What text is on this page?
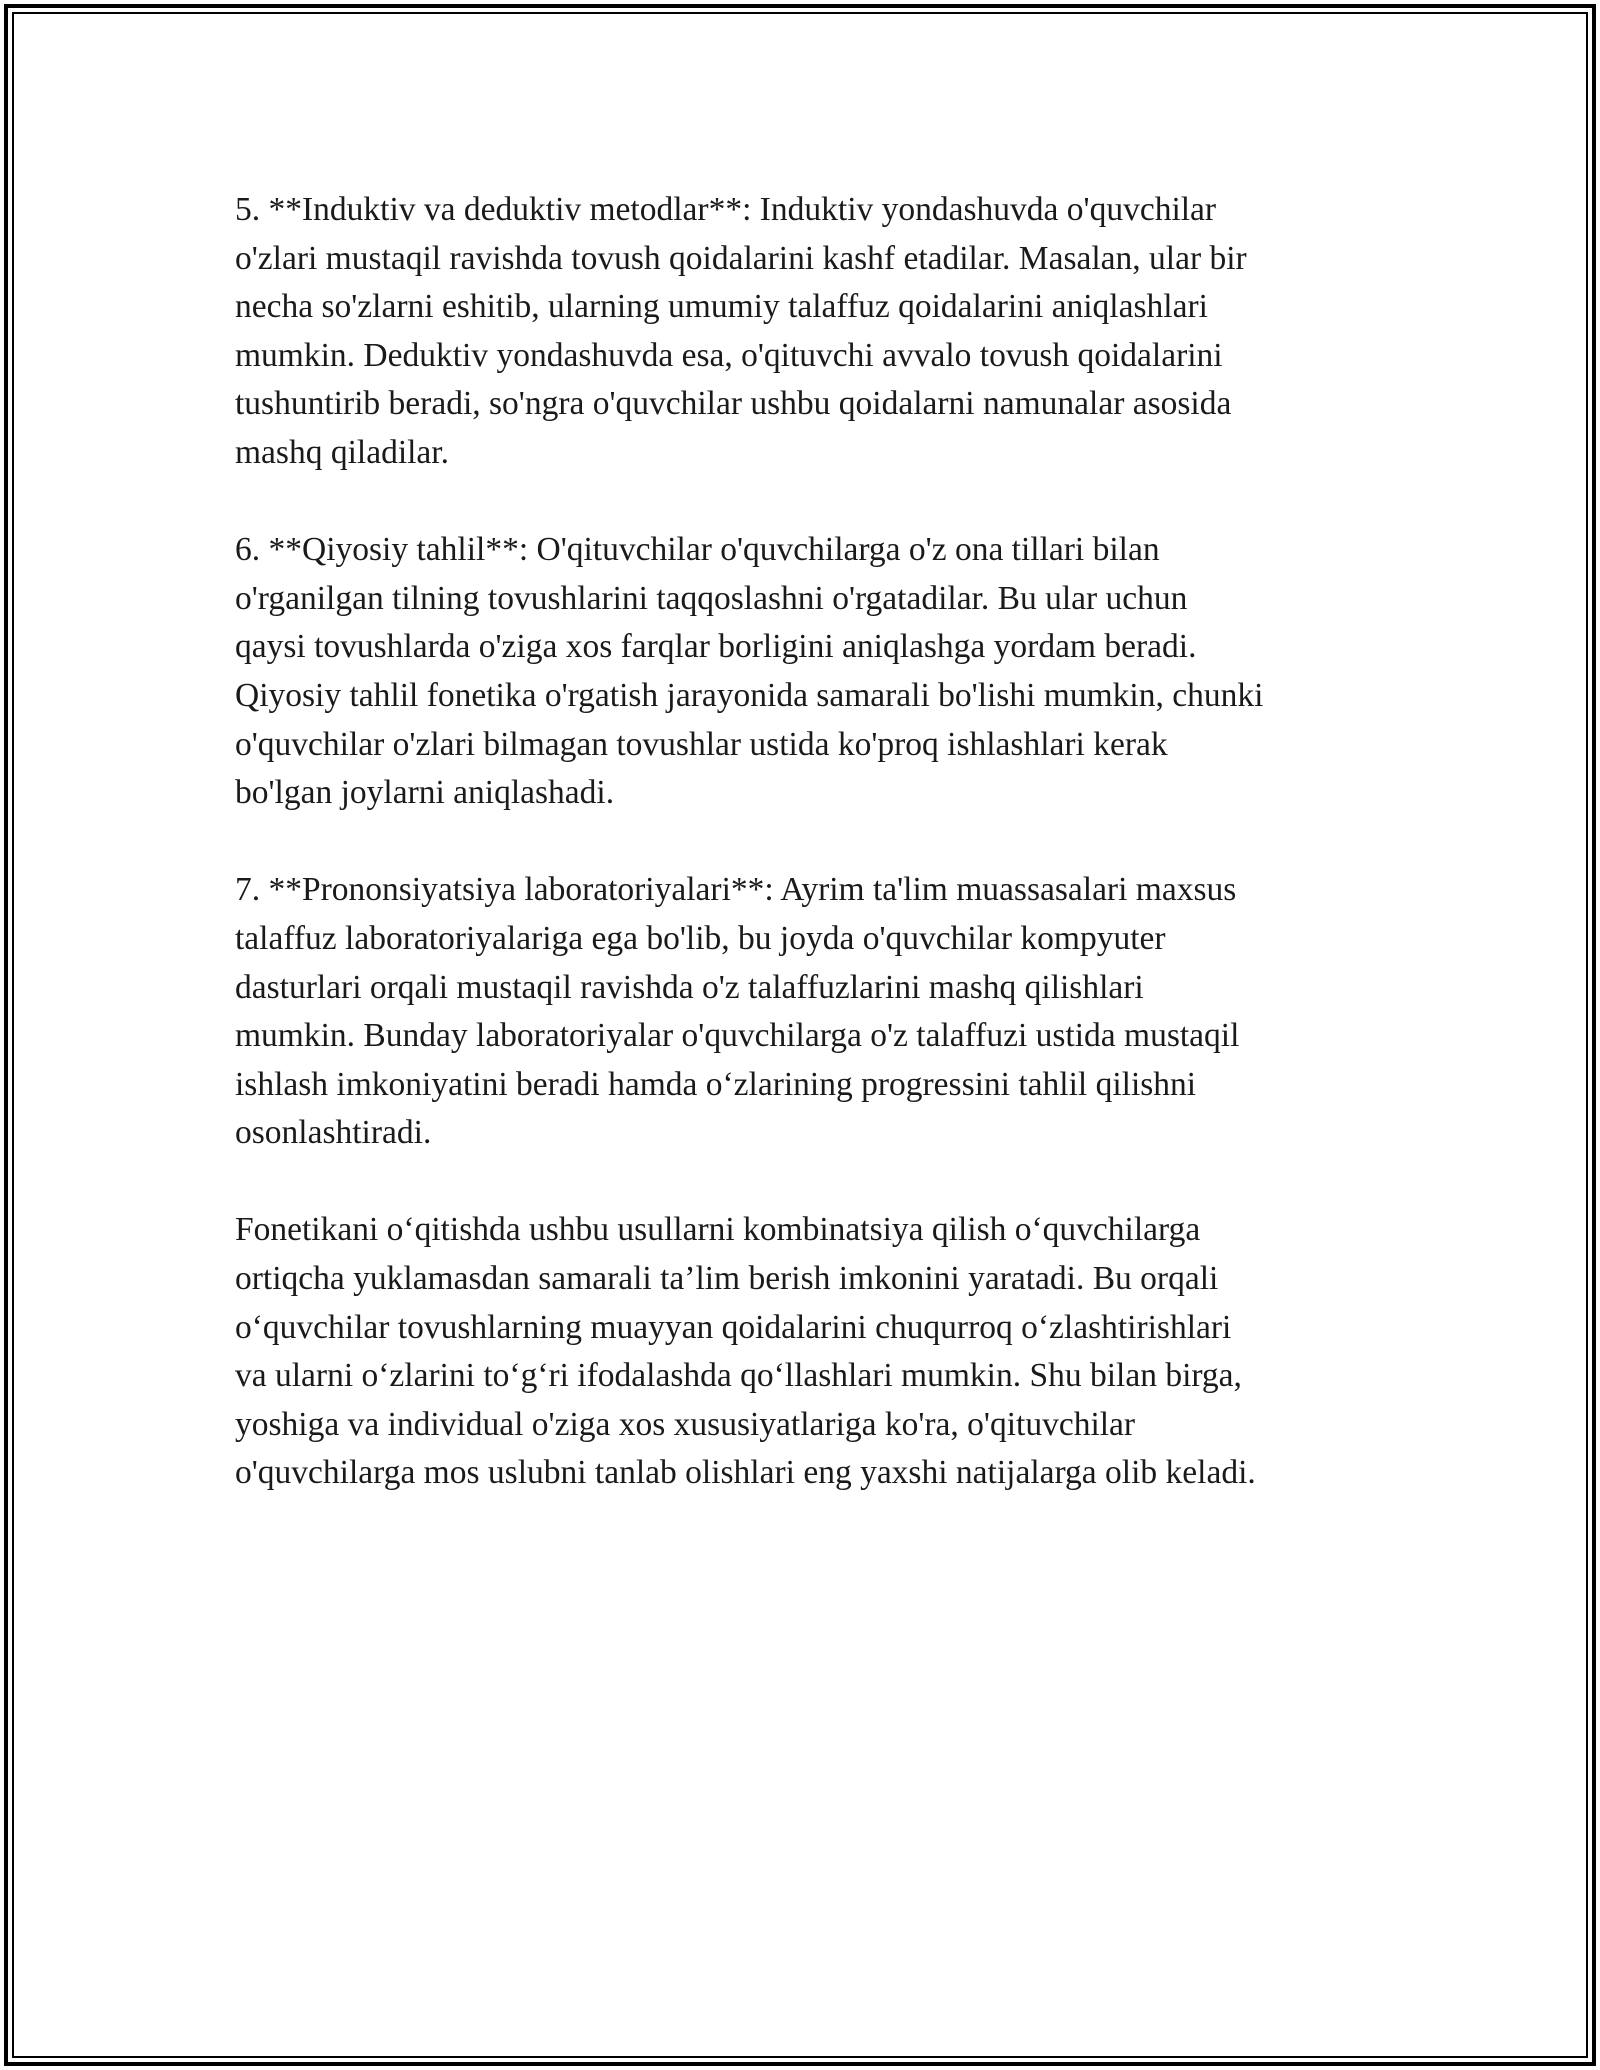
5. **Induktiv va deduktiv metodlar**: Induktiv yondashuvda o'quvchilar
o'zlari mustaqil ravishda tovush qoidalarini kashf etadilar. Masalan, ular bir
necha so'zlarni eshitib, ularning umumiy talaffuz qoidalarini aniqlashlari
mumkin. Deduktiv yondashuvda esa, o'qituvchi avvalo tovush qoidalarini
tushuntirib beradi, so'ngra o'quvchilar ushbu qoidalarni namunalar asosida
mashq qiladilar.

6. **Qiyosiy tahlil**: O'qituvchilar o'quvchilarga o'z ona tillari bilan
o'rganilgan tilning tovushlarini taqqoslashni o'rgatadilar. Bu ular uchun
qaysi tovushlarda o'ziga xos farqlar borligini aniqlashga yordam beradi.
Qiyosiy tahlil fonetika o'rgatish jarayonida samarali bo'lishi mumkin, chunki
o'quvchilar o'zlari bilmagan tovushlar ustida ko'proq ishlashlari kerak
bo'lgan joylarni aniqlashadi.

7. **Prononsiyatsiya laboratoriyalari**: Ayrim ta'lim muassasalari maxsus
talaffuz laboratoriyalariga ega bo'lib, bu joyda o'quvchilar kompyuter
dasturlari orqali mustaqil ravishda o'z talaffuzlarini mashq qilishlari
mumkin. Bunday laboratoriyalar o'quvchilarga o'z talaffuzi ustida mustaqil
ishlash imkoniyatini beradi hamda o‘zlarining progressini tahlil qilishni
osonlashtiradi.

Fonetikani o‘qitishda ushbu usullarni kombinatsiya qilish o‘quvchilarga
ortiqcha yuklamasdan samarali ta’lim berish imkonini yaratadi. Bu orqali
o‘quvchilar tovushlarning muayyan qoidalarini chuqurroq o‘zlashtirishlari
va ularni o‘zlarini to‘g‘ri ifodalashda qo‘llashlari mumkin. Shu bilan birga,
yoshiga va individual o'ziga xos xususiyatlariga ko'ra, o'qituvchilar
o'quvchilarga mos uslubni tanlab olishlari eng yaxshi natijalarga olib keladi.
